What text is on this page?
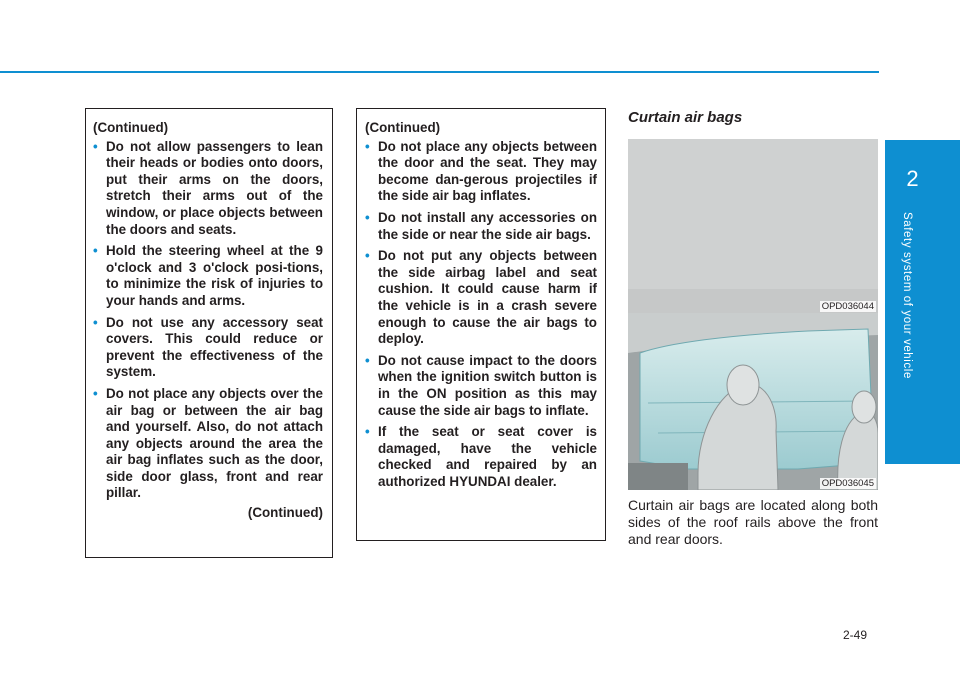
2
Safety system of your vehicle
(Continued)
• Do not allow passengers to lean their heads or bodies onto doors, put their arms on the doors, stretch their arms out of the window, or place objects between the doors and seats.
• Hold the steering wheel at the 9 o'clock and 3 o'clock posi-tions, to minimize the risk of injuries to your hands and arms.
• Do not use any accessory seat covers. This could reduce or prevent the effectiveness of the system.
• Do not place any objects over the air bag or between the air bag and yourself. Also, do not attach any objects around the area the air bag inflates such as the door, side door glass, front and rear pillar.
(Continued)
(Continued)
• Do not place any objects between the door and the seat. They may become dan-gerous projectiles if the side air bag inflates.
• Do not install any accessories on the side or near the side air bags.
• Do not put any objects between the side airbag label and seat cushion. It could cause harm if the vehicle is in a crash severe enough to cause the air bags to deploy.
• Do not cause impact to the doors when the ignition switch button is in the ON position as this may cause the side air bags to inflate.
• If the seat or seat cover is damaged, have the vehicle checked and repaired by an authorized HYUNDAI dealer.
Curtain air bags
OPD036044
OPD036045
Curtain air bags are located along both sides of the roof rails above the front and rear doors.
2-49
